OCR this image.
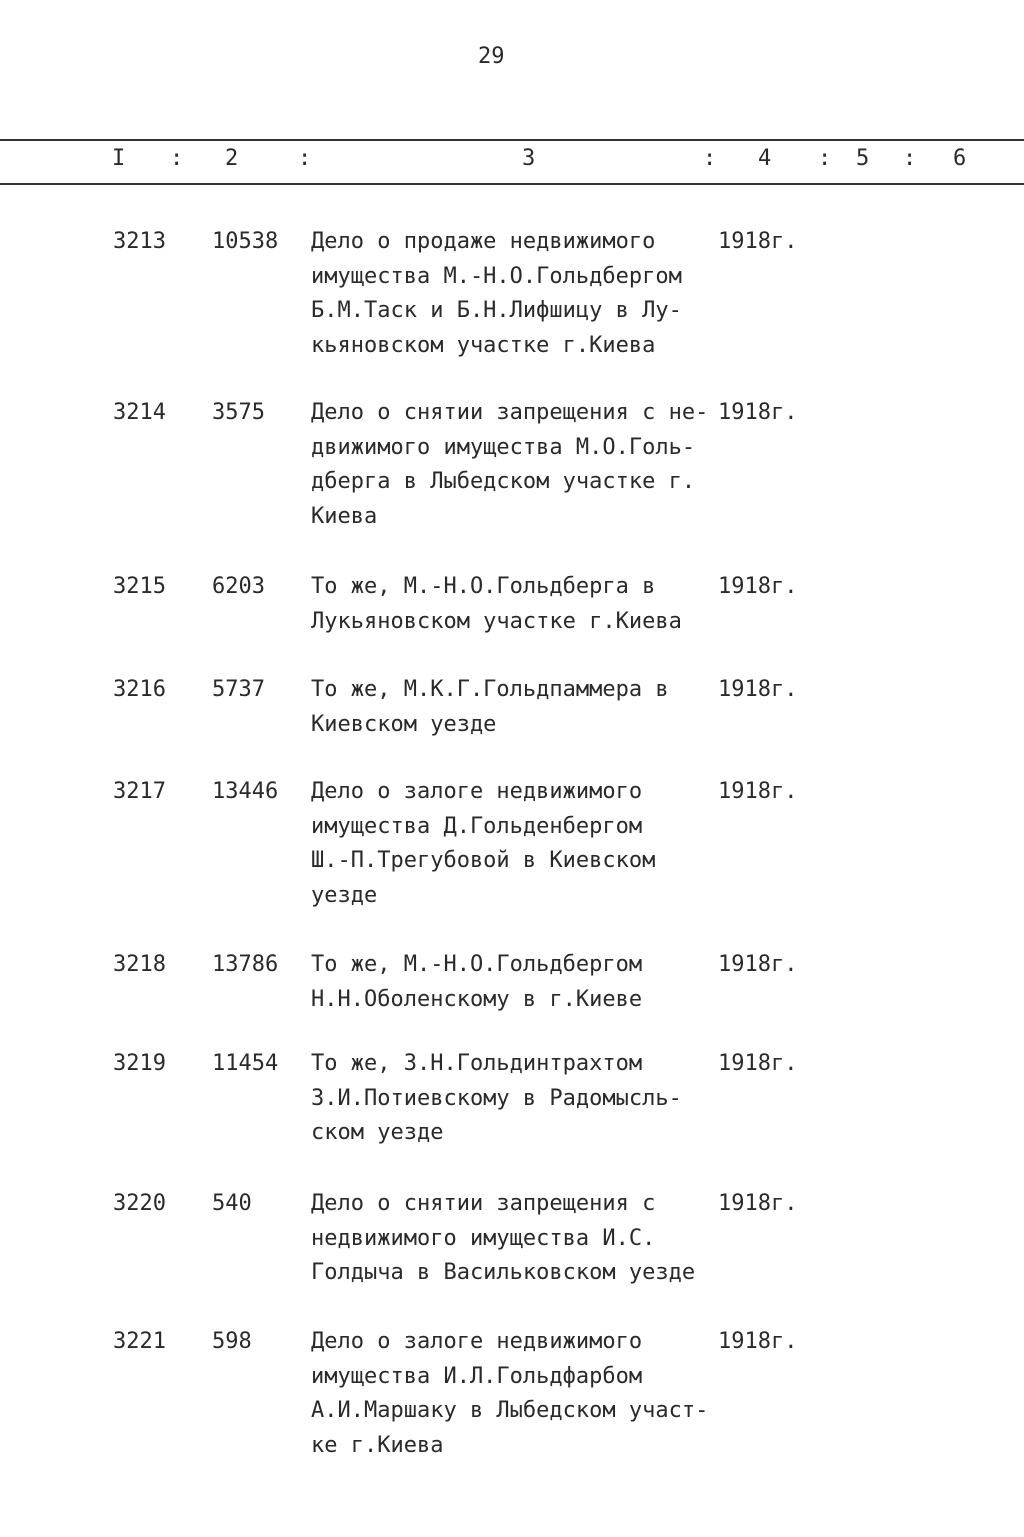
29
I : 2	:	3	: 4 : 5 : 6
3213 10538 Дело о продаже недвижимого
имущества М.-Н.О.Гольдбергом
Б.М.Таск и Б.Н.Лифшицу в Лу-
кьяновском участке г.Киева
1918г.
3214 3575 Дело о снятии запрещения с не-
движимого имущества М.О.Голь-
дберга в Лыбедском участке г.
Киева
1918г.
3215 6203 То же, М.-Н.О.Гольдберга в
Лукьяновском участке г.Киева
1918г.
3216 5737 То же, М.К.Г.Гольдпаммера в
Киевском уезде
1918г.
3217 13446 Дело о залоге недвижимого
имущества Д.Гольденбергом
Ш.-П.Трегубовой в Киевском
уезде
1918г.
3218 13786 То же, М.-Н.О.Гольдбергом
Н.Н.Оболенскому в г.Киеве
1918г.
3219 11454 То же, З.Н.Гольдинтрахтом
З.И.Потиевскому в Радомысль-
ском уезде
1918г.
3220 540	Дело о снятии запрещения с
недвижимого имущества И.С.
Голдыча в Васильковском уезде
1918г.
3221 598	Дело о залоге недвижимого
имущества И.Л.Гольдфарбом
А.И.Маршаку в Лыбедском участ-
ке г.Киева
1918г.
